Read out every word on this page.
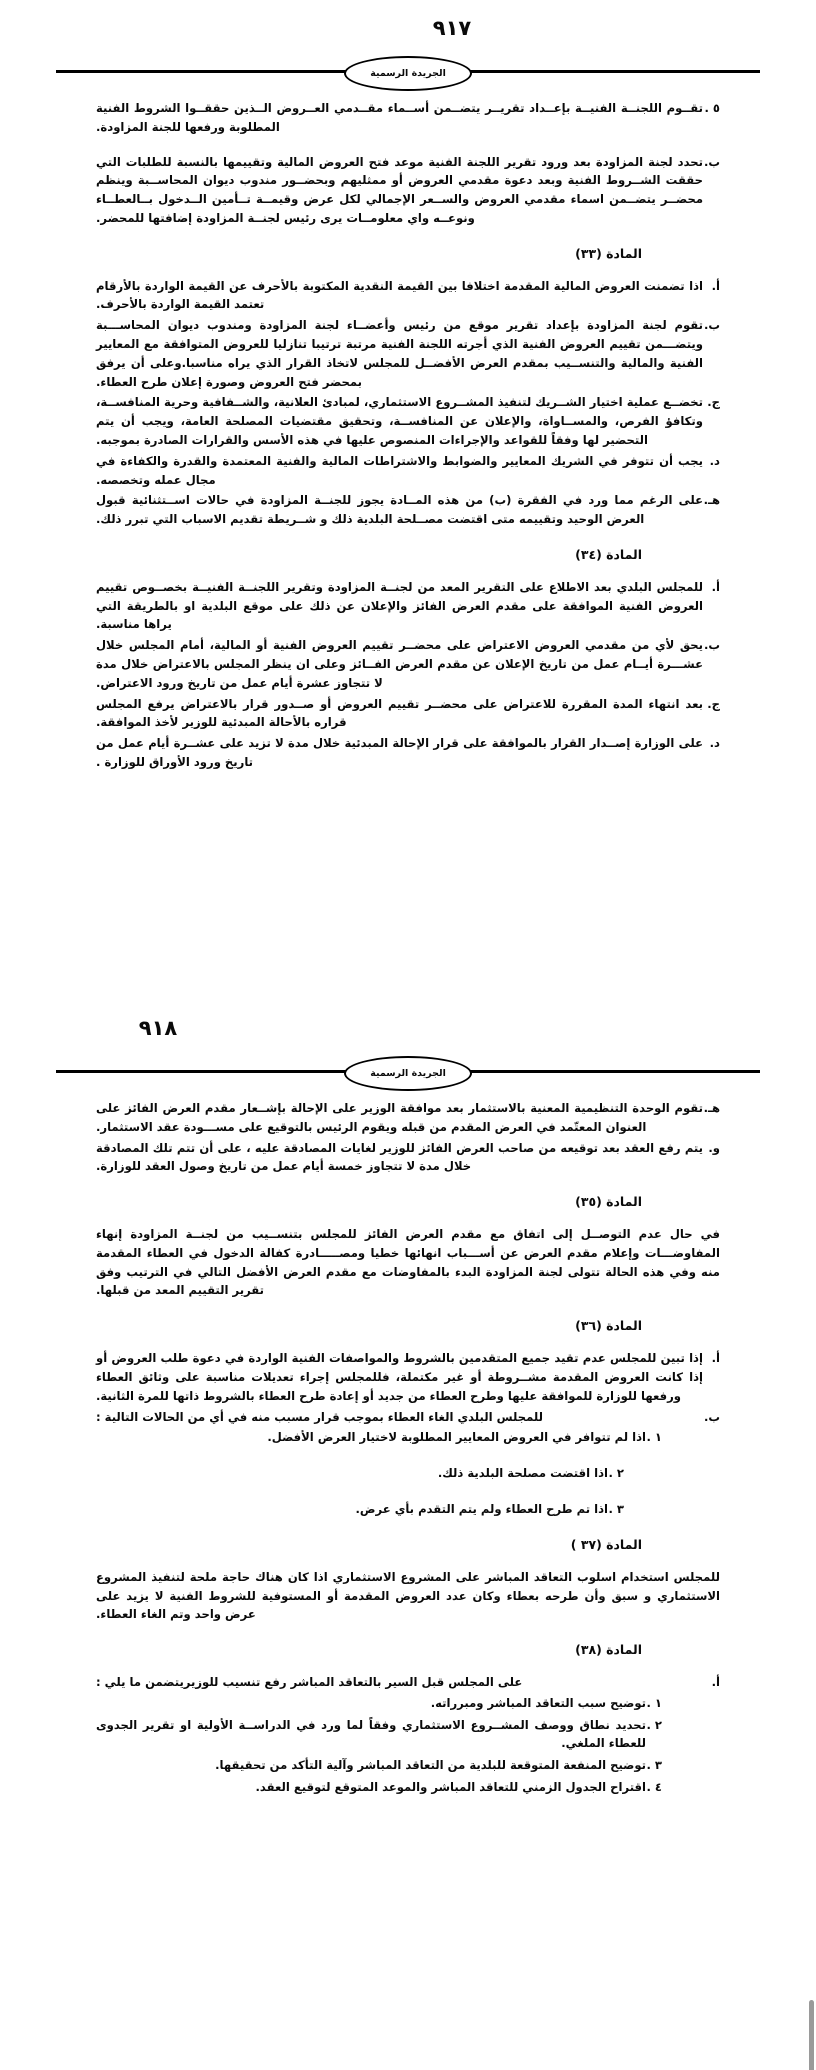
٩١٧
الجريدة الرسمية
٥ .
تقــوم اللجنــة الفنيــة بإعــداد تقريــر يتضــمن أســماء مقــدمي العــروض الــذين حققــوا الشروط الفنية المطلوبة ورفعها للجنة المزاودة.
ب.
تحدد لجنة المزاودة بعد ورود تقرير اللجنة الفنية موعد فتح العروض المالية وتقييمها بالنسبة للطلبات التي حققت الشــروط الفنية وبعد دعوة مقدمي العروض أو ممثليهم وبحضــور مندوب ديوان المحاســبة وينظم محضــر يتضــمن اسماء مقدمي العروض والســعر الإجمالي لكل عرض وقيمــة تــأمين الــدخول بــالعطــاء ونوعــه واي معلومــات يرى رئيس لجنــة المزاودة إضافتها للمحضر.
المادة (٣٣)
أ.
اذا تضمنت العروض المالية المقدمة اختلافا بين القيمة النقدية المكتوبة بالأحرف عن القيمة الواردة بالأرقام تعتمد القيمة الواردة بالأحرف.
ب.
تقوم لجنة المزاودة بإعداد تقرير موقع من رئيس وأعضــاء لجنة المزاودة ومندوب ديوان المحاســـبة ويتضـــمن تقييم العروض الفنية الذي أجرته اللجنة الفنية مرتبة ترتيبا تنازليا للعروض المتوافقة مع المعايير الفنية والمالية والتنســيب بمقدم العرض الأفضــل للمجلس لاتخاذ القرار الذي يراه مناسبا.وعلى أن يرفق بمحضر فتح العروض وصورة إعلان طرح العطاء.
ج.
تخضــع عملية اختيار الشــريك لتنفيذ المشــروع الاستثماري، لمبادئ العلانية، والشــفافية وحرية المنافســة، وتكافؤ الفرص، والمســاواة، والإعلان عن المنافســة، وتحقيق مقتضيات المصلحة العامة، ويجب أن يتم التحضير لها وفقاً للقواعد والإجراءات المنصوص عليها في هذه الأسس والقرارات الصادرة بموجبه.
د.
يجب أن تتوفر في الشريك المعايير والضوابط والاشتراطات المالية والفنية المعتمدة والقدرة والكفاءة في مجال عمله وتخصصه.
هـ.
على الرغم مما ورد في الفقرة (ب) من هذه المــادة يجوز للجنــة المزاودة في حالات اســتثنائية قبول العرض الوحيد وتقييمه متى اقتضت مصــلحة البلدية ذلك و شــريطة تقديم الاسباب التي تبرر ذلك.
المادة (٣٤)
أ.
للمجلس البلدي بعد الاطلاع على التقرير المعد من لجنــة المزاودة وتقرير اللجنــة الفنيــة بخصــوص تقييم العروض الفنية الموافقة على مقدم العرض الفائز والإعلان عن ذلك على موقع البلدية او بالطريقة التي يراها مناسبة.
ب.
يحق لأي من مقدمي العروض الاعتراض على محضــر تقييم العروض الفنية أو المالية، أمام المجلس خلال عشـــرة أيــام عمل من تاريخ الإعلان عن مقدم العرض الفــائز وعلى ان ينظر المجلس بالاعتراض خلال مدة لا تتجاوز عشرة أيام عمل من تاريخ ورود الاعتراض.
ج.
بعد انتهاء المدة المقررة للاعتراض على محضــر تقييم العروض أو صــدور قرار بالاعتراض يرفع المجلس قراره بالأحالة المبدئية للوزير لأخذ الموافقة.
د.
على الوزارة إصــدار القرار بالموافقة على قرار الإحالة المبدئية خلال مدة لا تزيد على عشــرة أيام عمل من تاريخ ورود الأوراق للوزارة .
٩١٨
الجريدة الرسمية
هـ.
تقوم الوحدة التنظيمية المعنية بالاستثمار بعد موافقة الوزير على الإحالة بإشــعار مقدم العرض الفائز على العنوان المعتّمد في العرض المقدم من قبله ويقوم الرئيس بالتوقيع على مســـودة عقد الاستثمار.
و.
يتم رفع العقد بعد توقيعه من صاحب العرض الفائز للوزير لغايات المصادقة عليه ، على أن تتم تلك المصادقة خلال مدة لا تتجاوز خمسة أيام عمل من تاريخ وصول العقد للوزارة.
المادة (٣٥)
في حال عدم التوصــل إلى اتفاق مع مقدم العرض الفائز للمجلس بتنســيب من لجنــة المزاودة إنهاء المفاوضـــات وإعلام مقدم العرض عن أســـباب انهائها خطيا ومصـــــادرة كفالة الدخول في العطاء المقدمة منه وفي هذه الحالة تتولى لجنة المزاودة البدء بالمفاوضات مع مقدم العرض الأفضل التالي في الترتيب وفق تقرير التقييم المعد من قبلها.
المادة (٣٦)
أ.
إذا تبين للمجلس عدم تقيد جميع المتقدمين بالشروط والمواصفات الفنية الواردة في دعوة طلب العروض أو إذا كانت العروض المقدمة مشــروطة أو غير مكتملة، فللمجلس إجراء تعديلات مناسبة على وثائق العطاء ورفعها للوزارة للموافقة عليها وطرح العطاء من جديد أو إعادة طرح العطاء بالشروط ذاتها للمرة الثانية.
ب.
للمجلس البلدي الغاء العطاء بموجب قرار مسبب منه في أي من الحالات التالية :
١ .
اذا لم تتوافر في العروض المعايير المطلوبة لاختيار العرض الأفضل.
٢ .
اذا اقتضت مصلحة البلدية ذلك.
٣ .
اذا تم طرح العطاء ولم يتم التقدم بأي عرض.
المادة (٣٧ )
للمجلس استخدام اسلوب التعاقد المباشر على المشروع الاستثماري اذا كان هناك حاجة ملحة لتنفيذ المشروع الاستثماري و سبق وأن طرحه بعطاء وكان عدد العروض المقدمة أو المستوفية للشروط الفنية لا يزيد على عرض واحد وتم الغاء العطاء.
المادة (٣٨)
أ.
على المجلس قبل السير بالتعاقد المباشر رفع تنسيب للوزيريتضمن ما يلي :
١ .
توضيح سبب التعاقد المباشر ومبرراته.
٢ .
تحديد نطاق ووصف المشــروع الاستثماري وفقاً لما ورد في الدراســة الأولية او تقرير الجدوى للعطاء الملغي.
٣ .
توضيح المنفعة المتوقعة للبلدية من التعاقد المباشر وآلية التأكد من تحقيقها.
٤ .
اقتراح الجدول الزمني للتعاقد المباشر والموعد المتوقع لتوقيع العقد.
